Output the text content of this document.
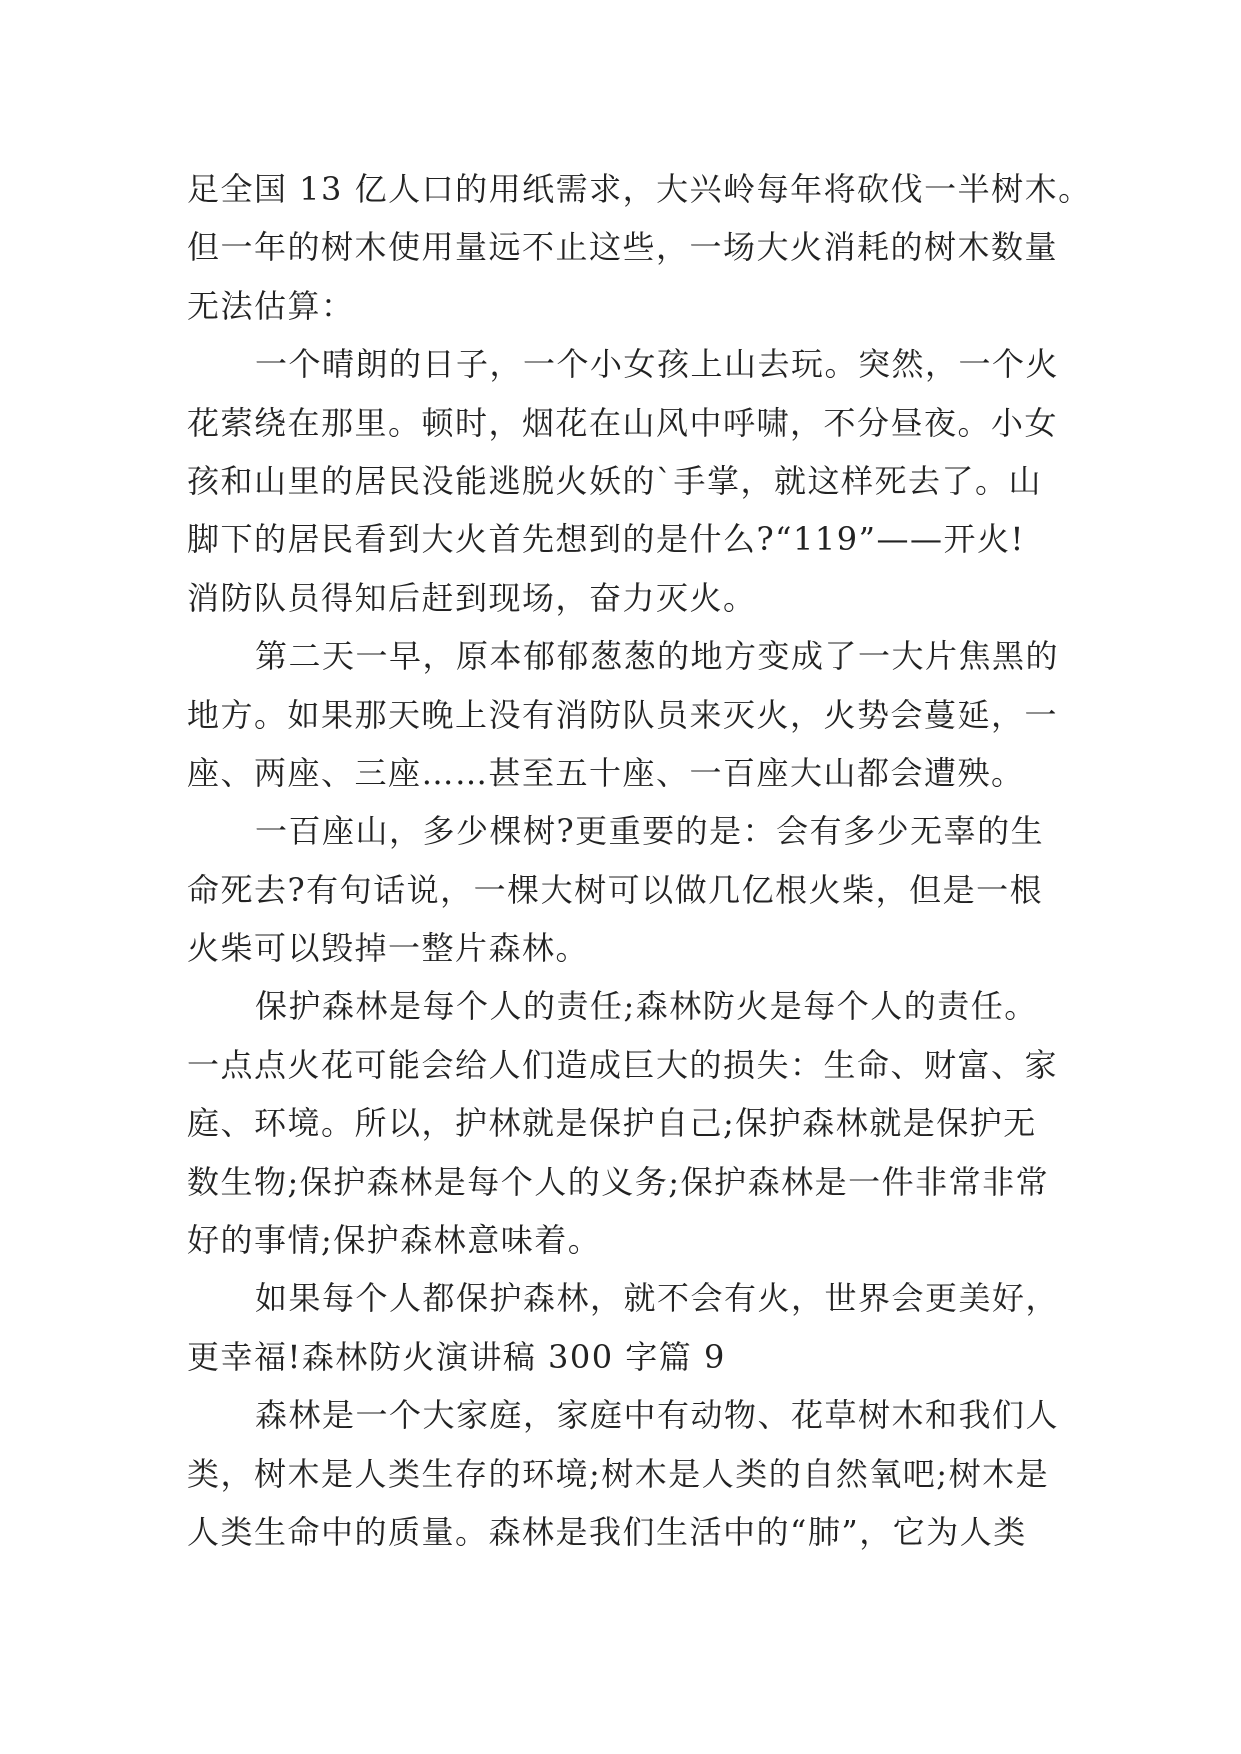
足全国 13 亿人口的用纸需求，大兴岭每年将砍伐一半树木。
但一年的树木使用量远不止这些，一场大火消耗的树木数量
无法估算：
一个晴朗的日子，一个小女孩上山去玩。突然，一个火
花萦绕在那里。顿时，烟花在山风中呼啸，不分昼夜。小女
孩和山里的居民没能逃脱火妖的`手掌，就这样死去了。山
脚下的居民看到大火首先想到的是什么?“119”——开火!
消防队员得知后赶到现场，奋力灭火。
第二天一早，原本郁郁葱葱的地方变成了一大片焦黑的
地方。如果那天晚上没有消防队员来灭火，火势会蔓延，一
座、两座、三座……甚至五十座、一百座大山都会遭殃。
一百座山，多少棵树?更重要的是：会有多少无辜的生
命死去?有句话说，一棵大树可以做几亿根火柴，但是一根
火柴可以毁掉一整片森林。
保护森林是每个人的责任;森林防火是每个人的责任。
一点点火花可能会给人们造成巨大的损失：生命、财富、家
庭、环境。所以，护林就是保护自己;保护森林就是保护无
数生物;保护森林是每个人的义务;保护森林是一件非常非常
好的事情;保护森林意味着。
如果每个人都保护森林，就不会有火，世界会更美好，
更幸福!森林防火演讲稿 300 字篇 9
森林是一个大家庭，家庭中有动物、花草树木和我们人
类，树木是人类生存的环境;树木是人类的自然氧吧;树木是
人类生命中的质量。森林是我们生活中的“肺”，它为人类
